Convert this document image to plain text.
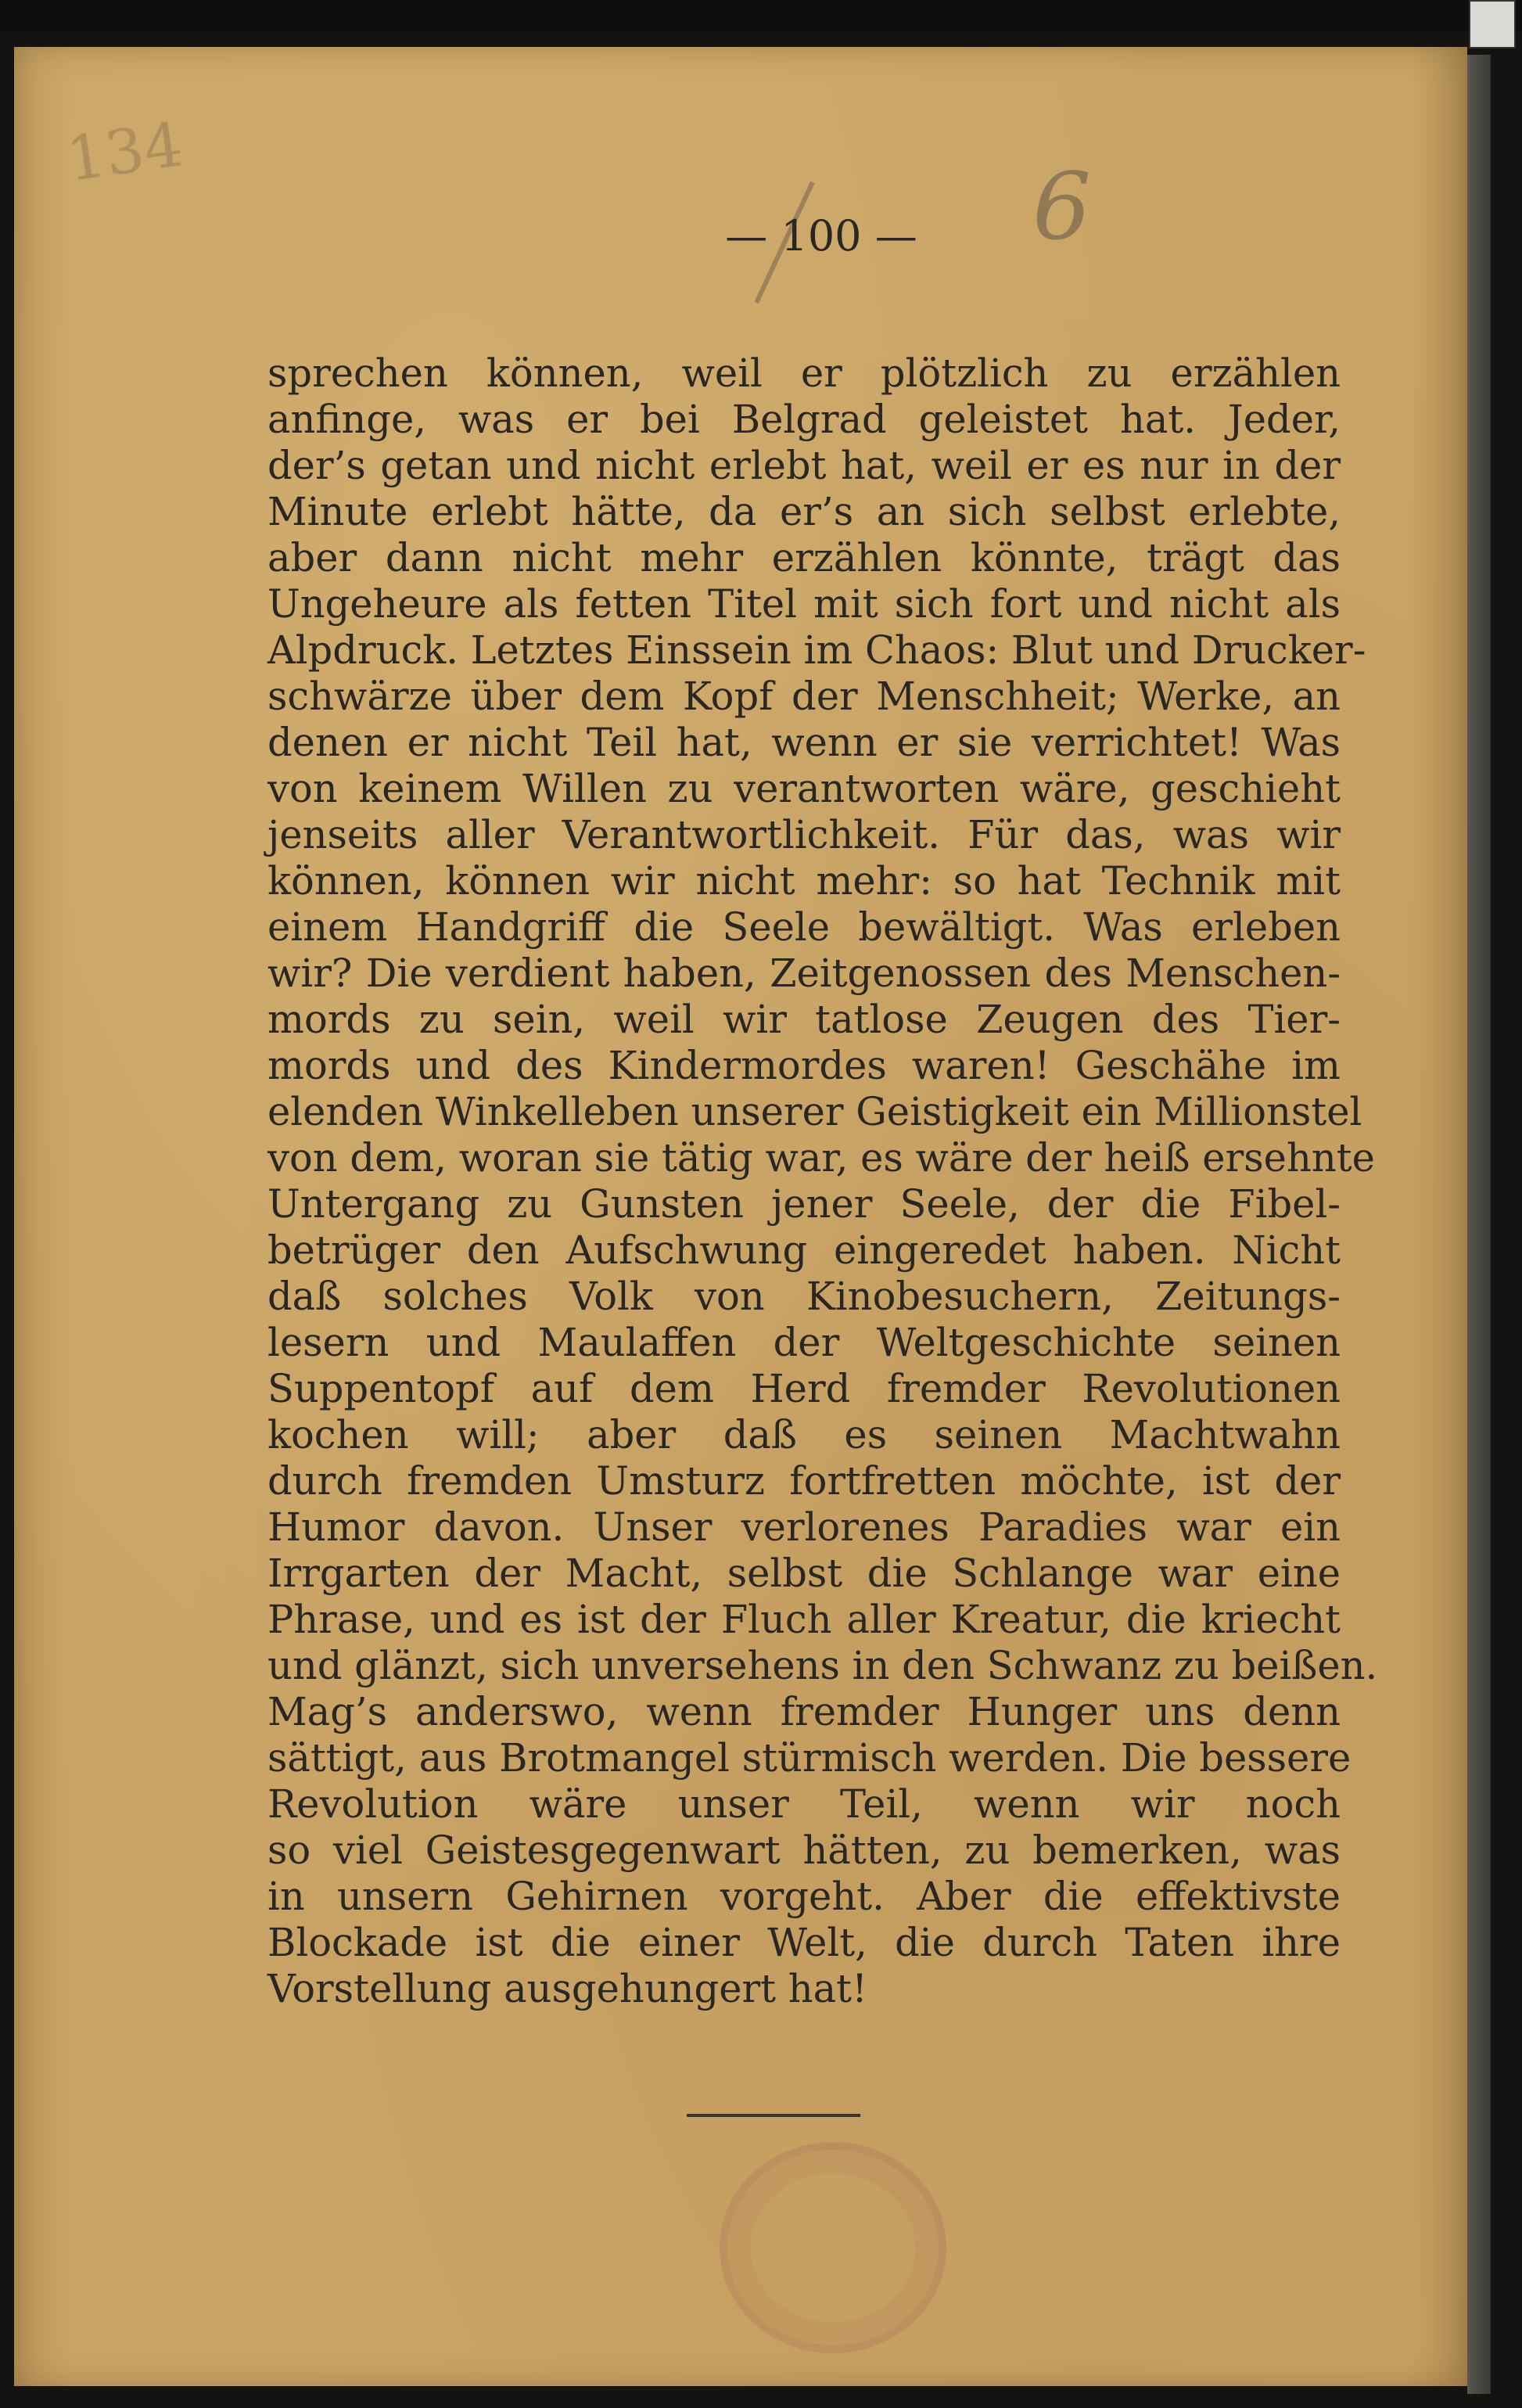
134	6
— 100 —
sprechen können, weil er plötzlich zu erzählen
anfinge, was er bei Belgrad geleistet hat. Jeder,
der’s getan und nicht erlebt hat, weil er es nur in der
Minute erlebt hätte, da er’s an sich selbst erlebte,
aber dann nicht mehr erzählen könnte, trägt das
Ungeheure als fetten Titel mit sich fort und nicht als
Alpdruck. Letztes Einssein im Chaos: Blut und Drucker-
schwärze über dem Kopf der Menschheit; Werke, an
denen er nicht Teil hat, wenn er sie verrichtet! Was
von keinem Willen zu verantworten wäre, geschieht
jenseits aller Verantwortlichkeit. Für das, was wir
können, können wir nicht mehr: so hat Technik mit
einem Handgriff die Seele bewältigt. Was erleben
wir? Die verdient haben, Zeitgenossen des Menschen-
mords zu sein, weil wir tatlose Zeugen des Tier-
mords und des Kindermordes waren! Geschähe im
elenden Winkelleben unserer Geistigkeit ein Millionstel
von dem, woran sie tätig war, es wäre der heiß ersehnte
Untergang zu Gunsten jener Seele, der die Fibel-
betrüger den Aufschwung eingeredet haben. Nicht
daß solches Volk von Kinobesuchern, Zeitungs-
lesern und Maulaffen der Weltgeschichte seinen
Suppentopf auf dem Herd fremder Revolutionen
kochen will; aber daß es seinen Machtwahn
durch fremden Umsturz fortfretten möchte, ist der
Humor davon. Unser verlorenes Paradies war ein
Irrgarten der Macht, selbst die Schlange war eine
Phrase, und es ist der Fluch aller Kreatur, die kriecht
und glänzt, sich unversehens in den Schwanz zu beißen.
Mag’s anderswo, wenn fremder Hunger uns denn
sättigt, aus Brotmangel stürmisch werden. Die bessere
Revolution wäre unser Teil, wenn wir noch
so viel Geistesgegenwart hätten, zu bemerken, was
in unsern Gehirnen vorgeht. Aber die effektivste
Blockade ist die einer Welt, die durch Taten ihre
Vorstellung ausgehungert hat!
